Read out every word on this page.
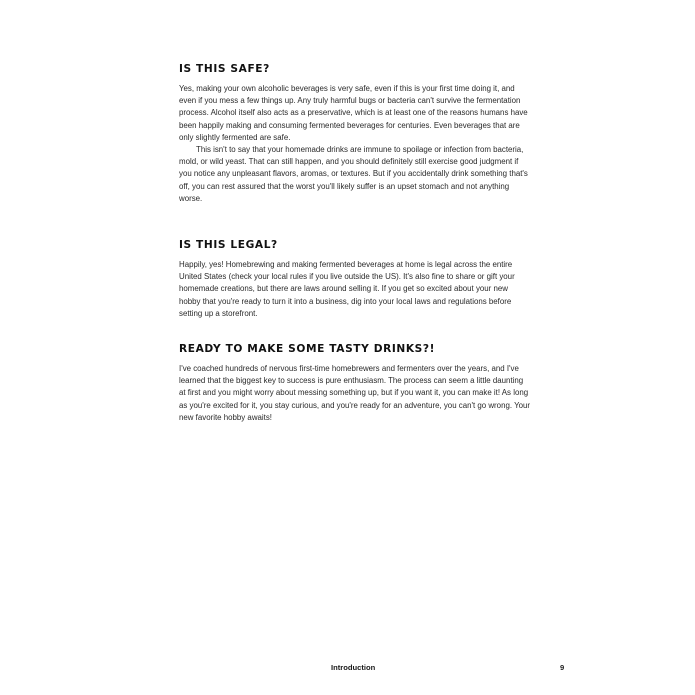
IS THIS SAFE?

Yes, making your own alcoholic beverages is very safe, even if this is your first time doing it, and even if you mess a few things up. Any truly harmful bugs or bacteria can't survive the fermentation process. Alcohol itself also acts as a preservative, which is at least one of the reasons humans have been happily making and consuming fermented beverages for centuries. Even beverages that are only slightly fermented are safe.

This isn't to say that your homemade drinks are immune to spoilage or infection from bacteria, mold, or wild yeast. That can still happen, and you should definitely still exercise good judgment if you notice any unpleasant flavors, aromas, or textures. But if you accidentally drink something that's off, you can rest assured that the worst you'll likely suffer is an upset stomach and not anything worse.

IS THIS LEGAL?

Happily, yes! Homebrewing and making fermented beverages at home is legal across the entire United States (check your local rules if you live outside the US). It's also fine to share or gift your homemade creations, but there are laws around selling it. If you get so excited about your new hobby that you're ready to turn it into a business, dig into your local laws and regulations before setting up a storefront.

READY TO MAKE SOME TASTY DRINKS?!

I've coached hundreds of nervous first-time homebrewers and fermenters over the years, and I've learned that the biggest key to success is pure enthusiasm. The process can seem a little daunting at first and you might worry about messing something up, but if you want it, you can make it! As long as you're excited for it, you stay curious, and you're ready for an adventure, you can't go wrong. Your new favorite hobby awaits!

Introduction	9
